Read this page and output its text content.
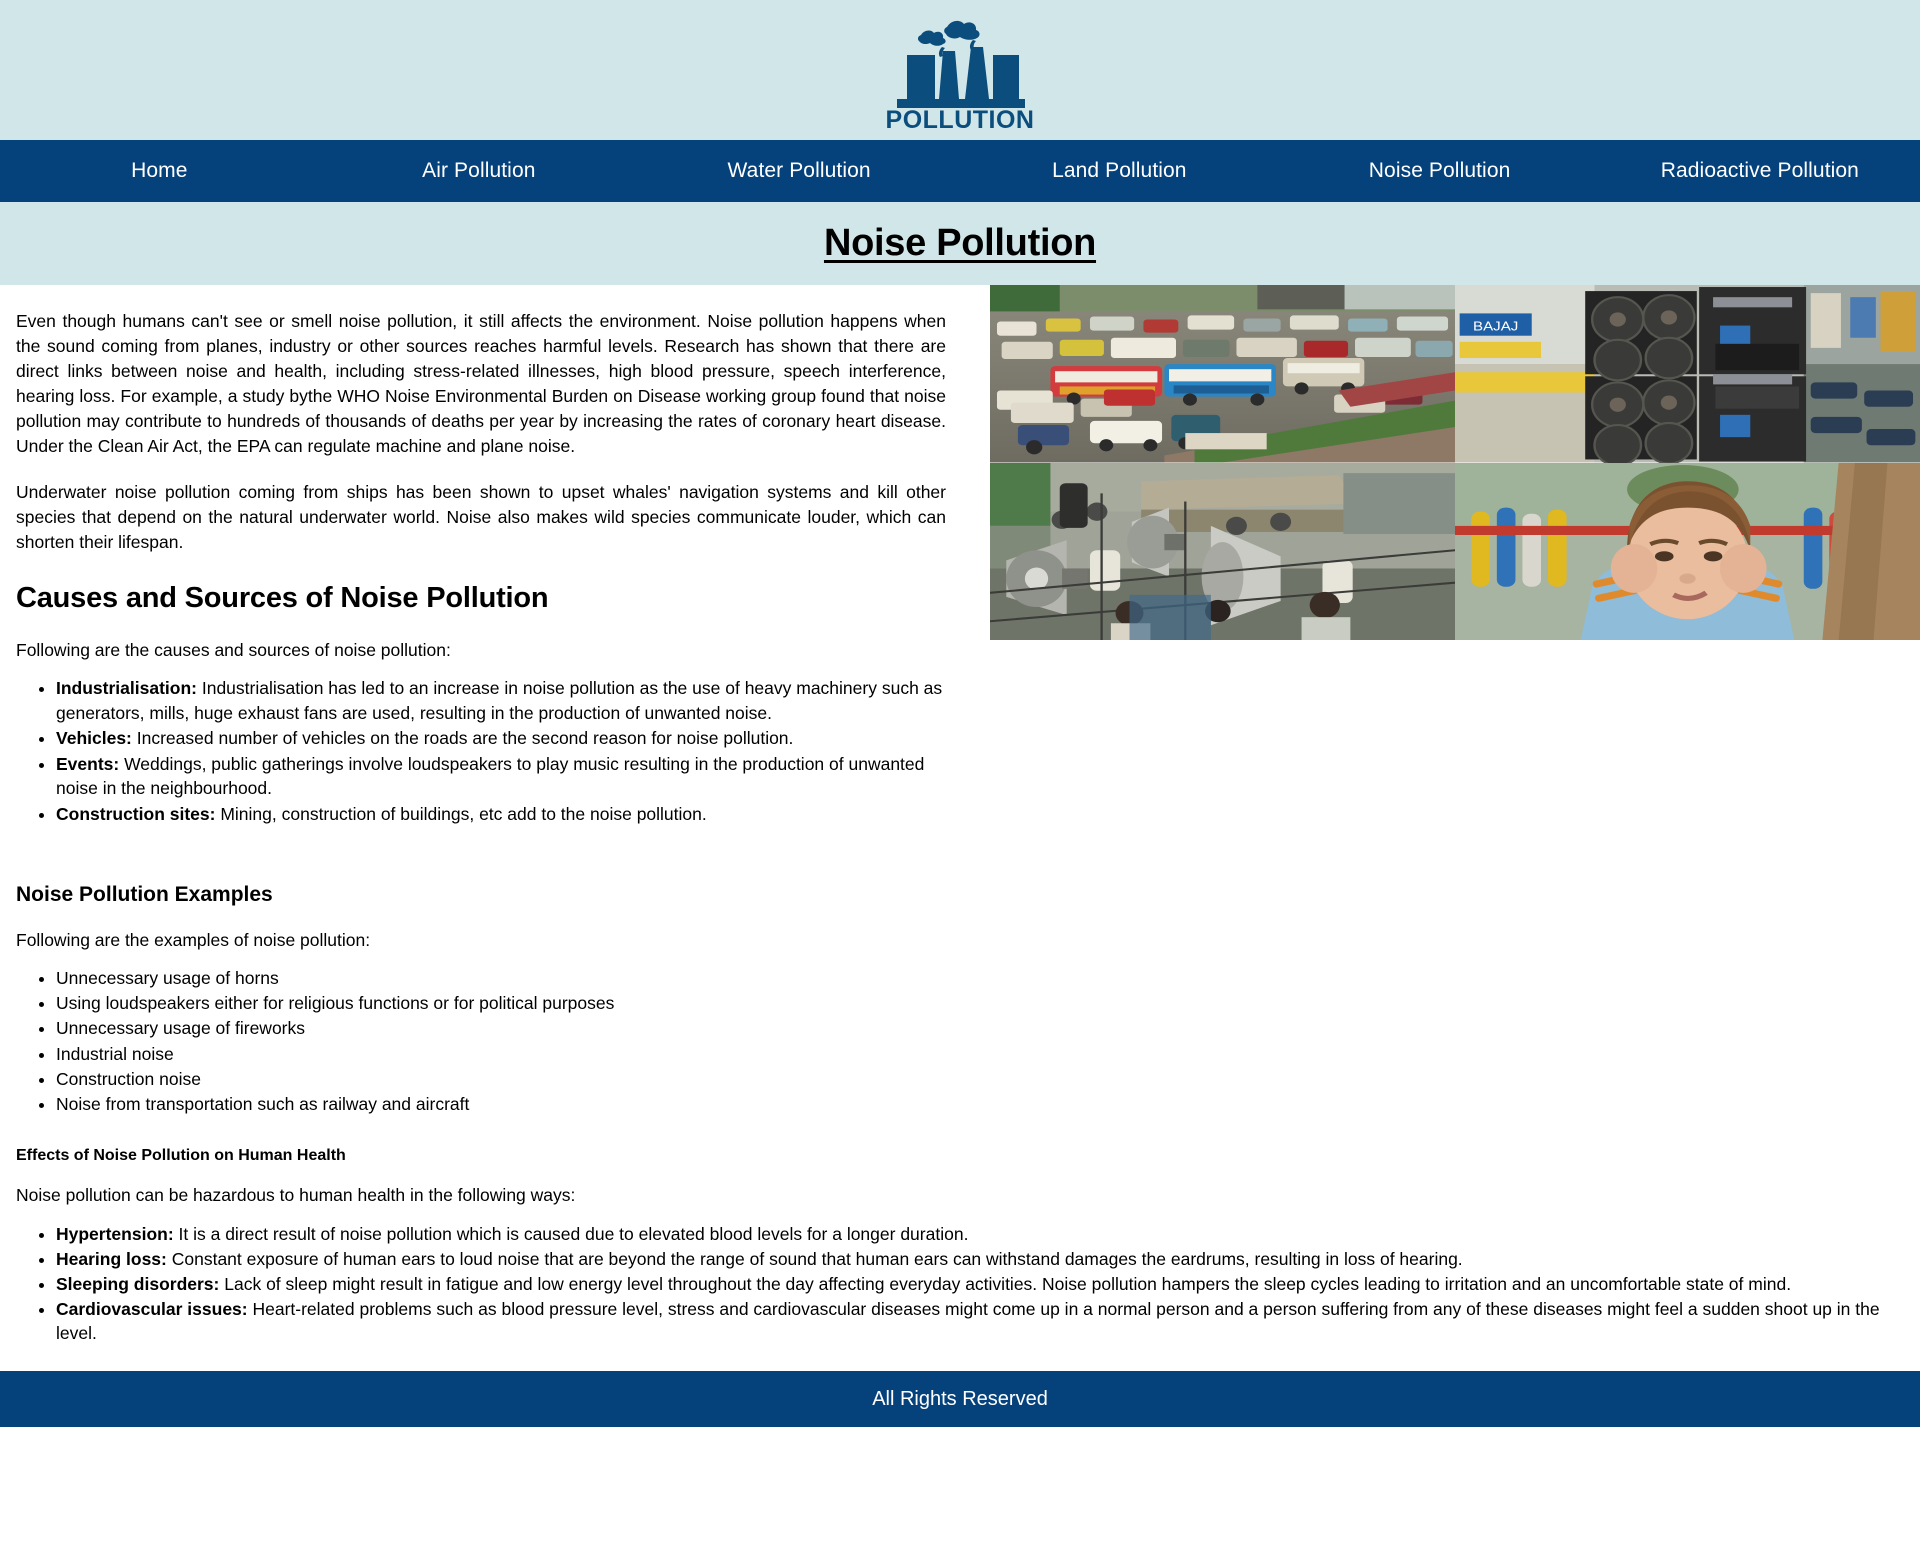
POLLUTION
Home	Air Pollution	Water Pollution	Land Pollution	Noise Pollution	Radioactive Pollution
Noise Pollution
BAJAJ

Even though humans can't see or smell noise pollution, it still affects the environment. Noise pollution happens when the sound coming from planes, industry or other sources reaches harmful levels. Research has shown that there are direct links between noise and health, including stress-related illnesses, high blood pressure, speech interference, hearing loss. For example, a study bythe WHO Noise Environmental Burden on Disease working group found that noise pollution may contribute to hundreds of thousands of deaths per year by increasing the rates of coronary heart disease. Under the Clean Air Act, the EPA can regulate machine and plane noise.

Underwater noise pollution coming from ships has been shown to upset whales' navigation systems and kill other species that depend on the natural underwater world. Noise also makes wild species communicate louder, which can shorten their lifespan.

Causes and Sources of Noise Pollution

Following are the causes and sources of noise pollution:

• Industrialisation: Industrialisation has led to an increase in noise pollution as the use of heavy machinery such as generators, mills, huge exhaust fans are used, resulting in the production of unwanted noise.
• Vehicles: Increased number of vehicles on the roads are the second reason for noise pollution.
• Events: Weddings, public gatherings involve loudspeakers to play music resulting in the production of unwanted noise in the neighbourhood.
• Construction sites: Mining, construction of buildings, etc add to the noise pollution.
Noise Pollution Examples

Following are the examples of noise pollution:

• Unnecessary usage of horns
• Using loudspeakers either for religious functions or for political purposes
• Unnecessary usage of fireworks
• Industrial noise
• Construction noise
• Noise from transportation such as railway and aircraft
Effects of Noise Pollution on Human Health

Noise pollution can be hazardous to human health in the following ways:

• Hypertension: It is a direct result of noise pollution which is caused due to elevated blood levels for a longer duration.
• Hearing loss: Constant exposure of human ears to loud noise that are beyond the range of sound that human ears can withstand damages the eardrums, resulting in loss of hearing.
• Sleeping disorders: Lack of sleep might result in fatigue and low energy level throughout the day affecting everyday activities. Noise pollution hampers the sleep cycles leading to irritation and an uncomfortable state of mind.
• Cardiovascular issues: Heart-related problems such as blood pressure level, stress and cardiovascular diseases might come up in a normal person and a person suffering from any of these diseases might feel a sudden shoot up in the level.
All Rights Reserved
